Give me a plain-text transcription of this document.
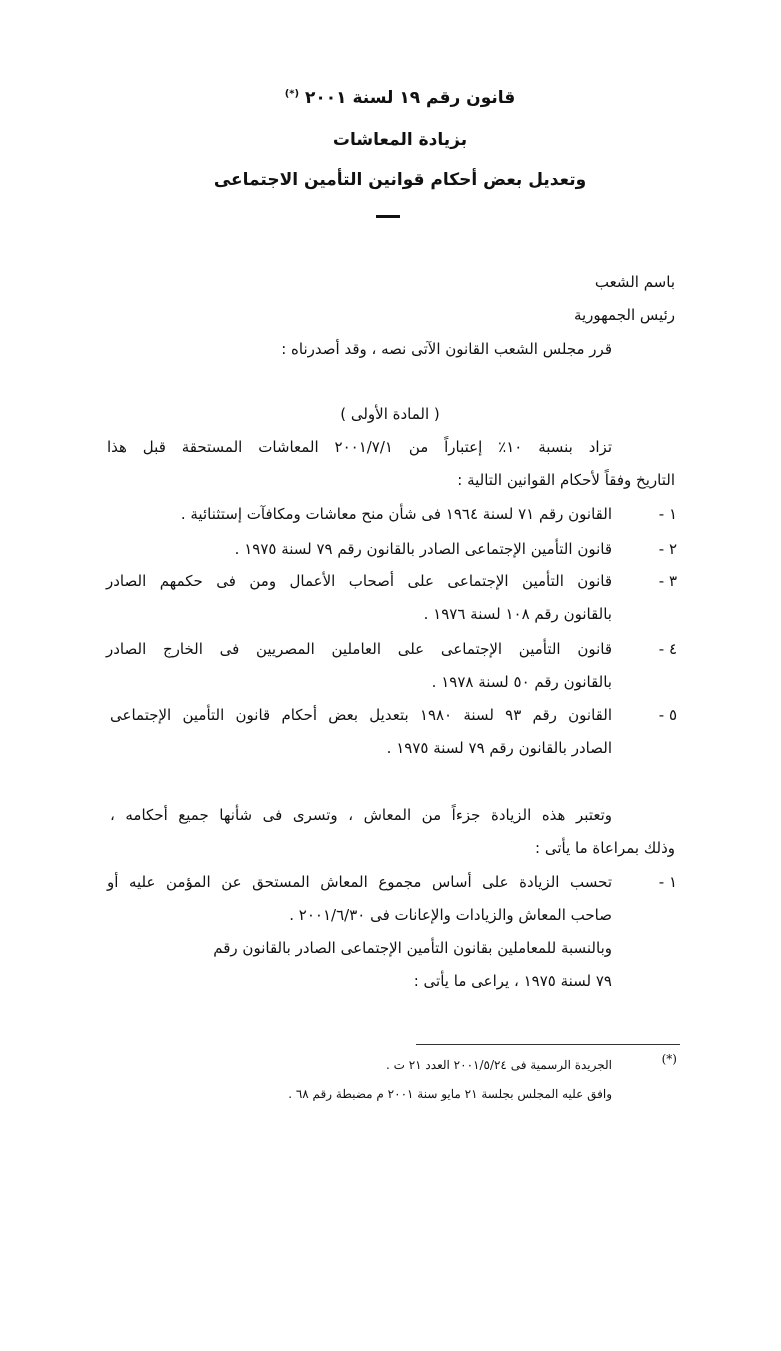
قانون رقم ١٩ لسنة ٢٠٠١ (*)
بزيادة المعاشات
وتعديل بعض أحكام قوانين التأمين الاجتماعى
باسم الشعب
رئيس الجمهورية
قرر مجلس الشعب القانون الآتى نصه ، وقد أصدرناه :
( المادة الأولى )
تزاد بنسبة ١٠٪ إعتباراً من ٢٠٠١/٧/١ المعاشات المستحقة قبل هذا
التاريخ وفقاً لأحكام القوانين التالية :
١ -
القانون رقم ٧١ لسنة ١٩٦٤ فى شأن منح معاشات ومكافآت إستثنائية .
٢ -
قانون التأمين الإجتماعى الصادر بالقانون رقم ٧٩ لسنة ١٩٧٥ .
٣ -
قانون التأمين الإجتماعى على أصحاب الأعمال ومن فى حكمهم الصادر
بالقانون رقم ١٠٨ لسنة ١٩٧٦ .
٤ -
قانون التأمين الإجتماعى على العاملين المصريين فى الخارج الصادر
بالقانون رقم ٥٠ لسنة ١٩٧٨ .
٥ -
القانون رقم ٩٣ لسنة ١٩٨٠ بتعديل بعض أحكام قانون التأمين الإجتماعى
الصادر بالقانون رقم ٧٩ لسنة ١٩٧٥ .
وتعتبر هذه الزيادة جزءاً من المعاش ، وتسرى فى شأنها جميع أحكامه ،
وذلك بمراعاة ما يأتى :
١ -
تحسب الزيادة على أساس مجموع المعاش المستحق عن المؤمن عليه أو
صاحب المعاش والزيادات والإعانات فى ٢٠٠١/٦/٣٠ .
وبالنسبة للمعاملين بقانون التأمين الإجتماعى الصادر بالقانون رقم
٧٩ لسنة ١٩٧٥ ، يراعى ما يأتى :
(*)
الجريدة الرسمية فى ٢٠٠١/٥/٢٤ العدد ٢١ ت .
وافق عليه المجلس بجلسة ٢١ مايو سنة ٢٠٠١ م مضبطة رقم ٦٨ .
